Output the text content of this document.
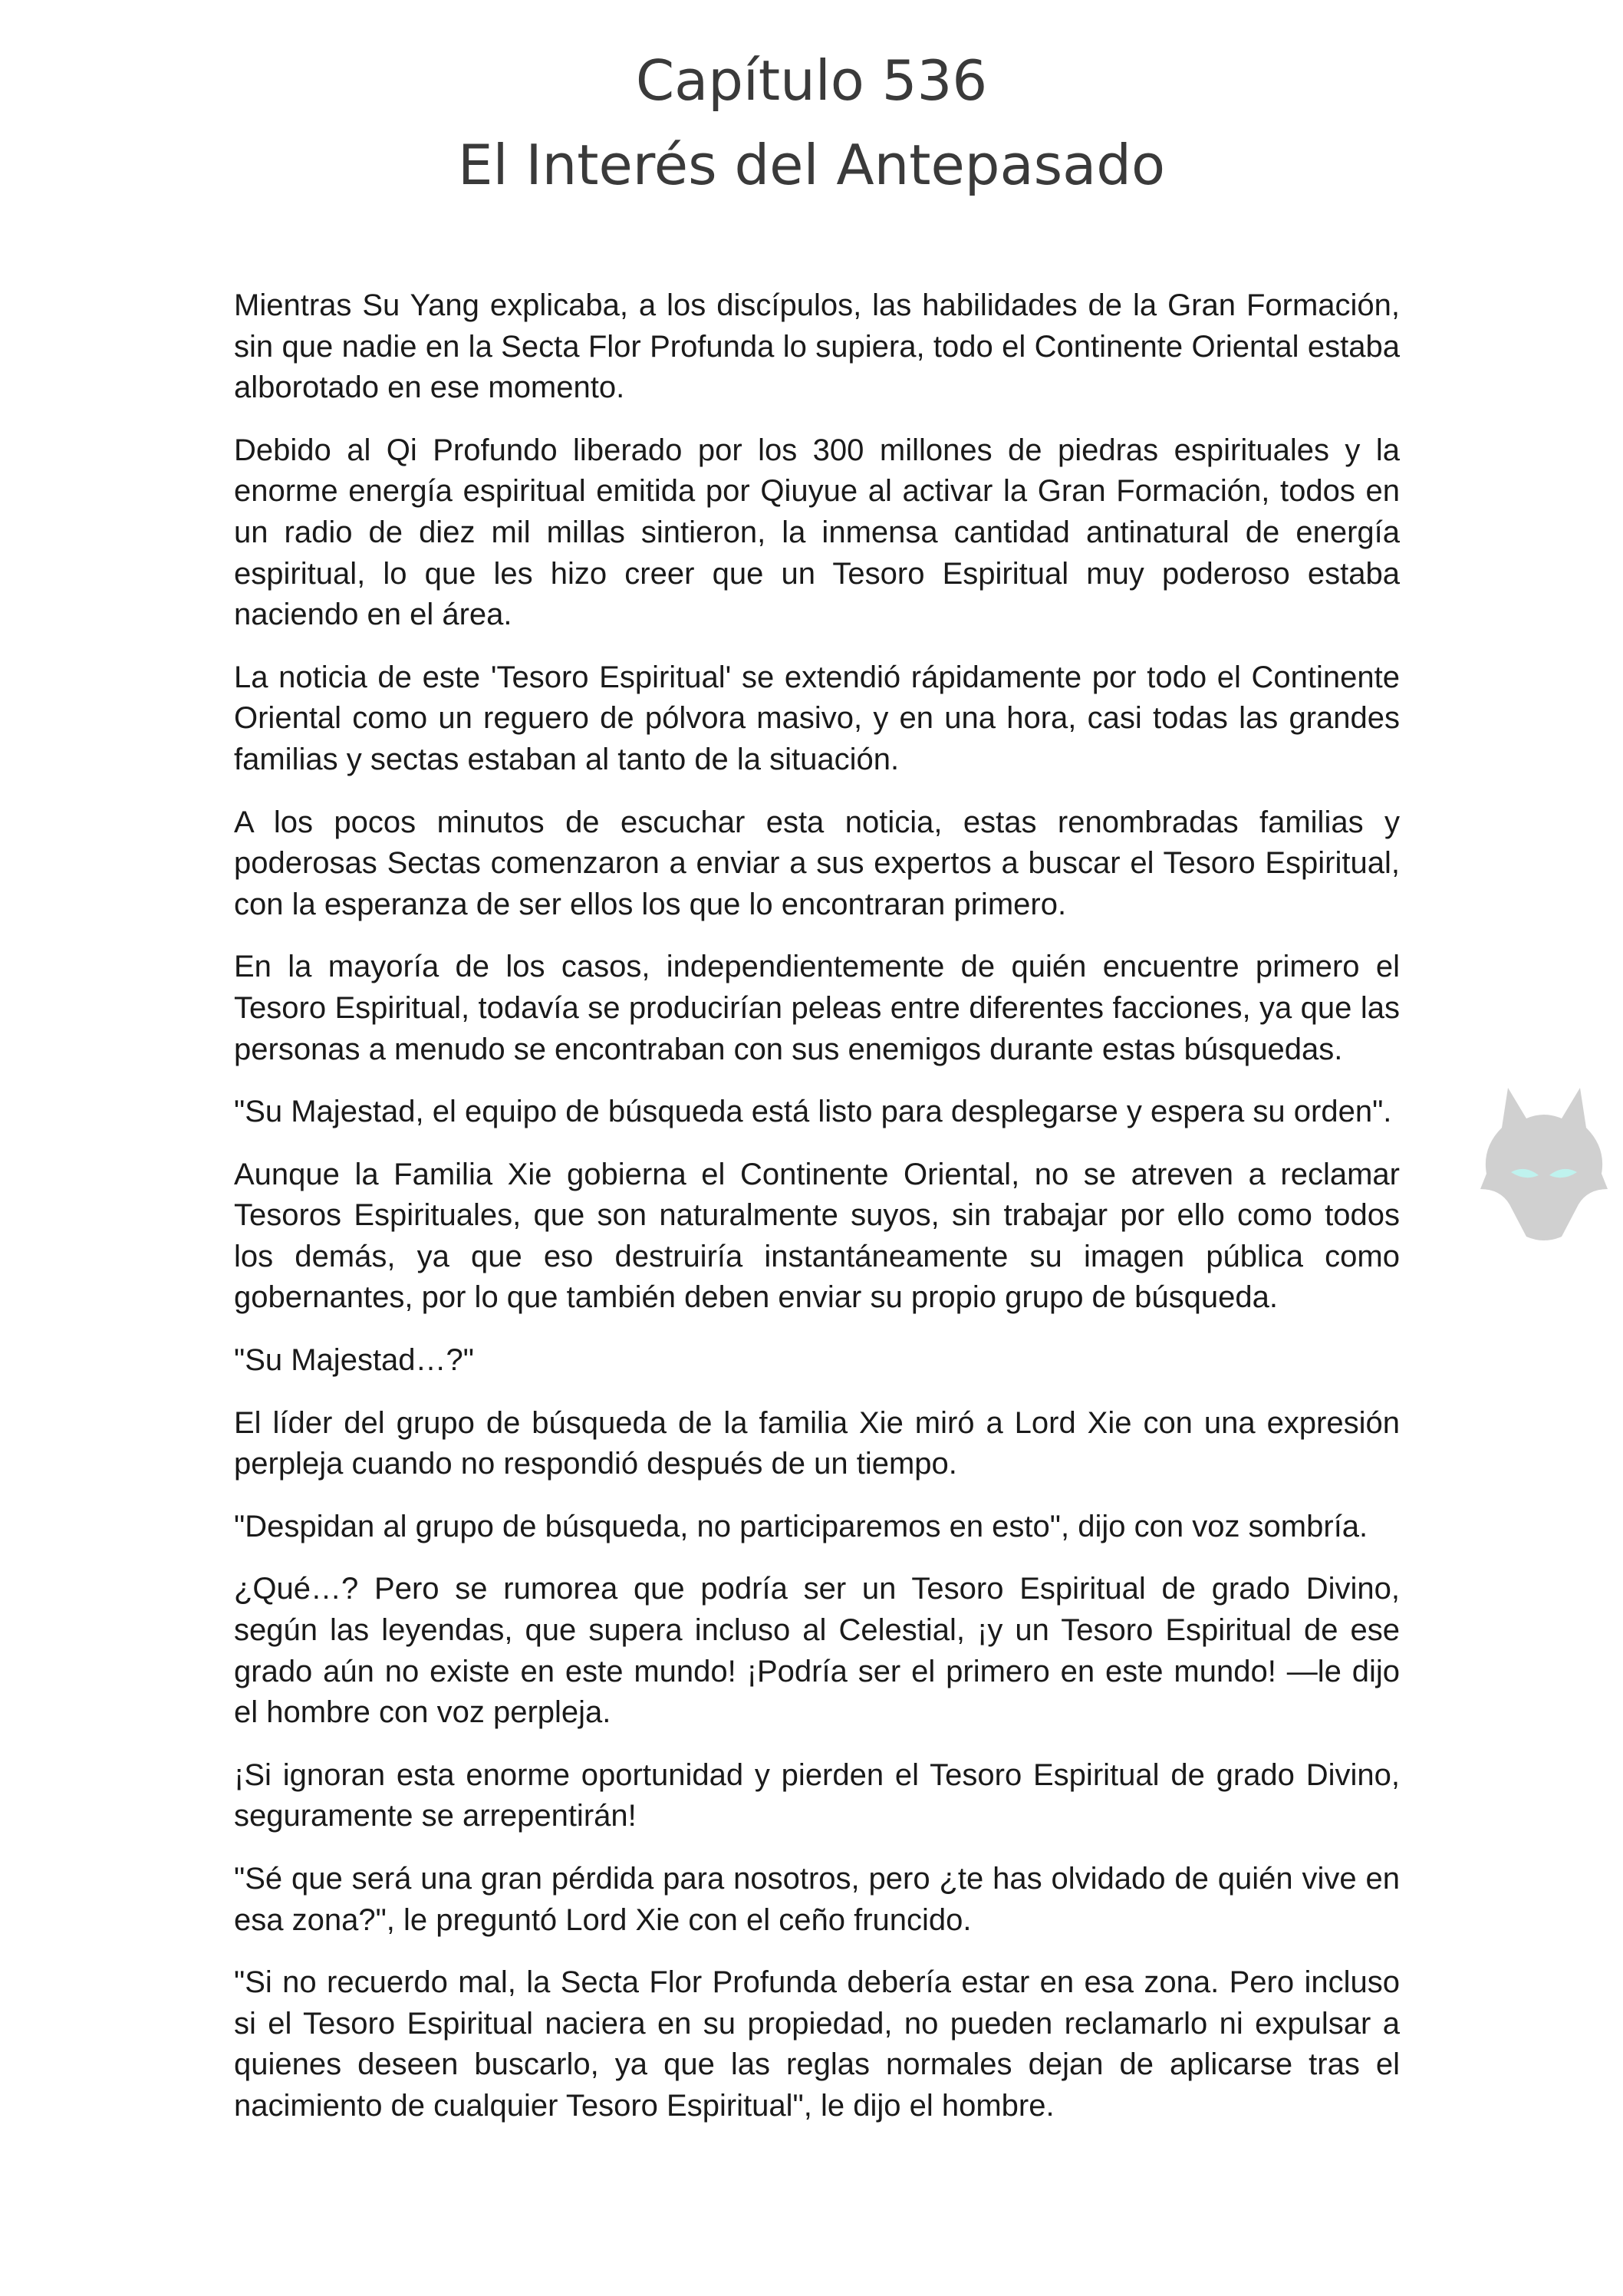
Capítulo 536
El Interés del Antepasado

Mientras Su Yang explicaba, a los discípulos, las habilidades de la Gran Formación, sin que nadie en la Secta Flor Profunda lo supiera, todo el Continente Oriental estaba alborotado en ese momento.

Debido al Qi Profundo liberado por los 300 millones de piedras espirituales y la enorme energía espiritual emitida por Qiuyue al activar la Gran Formación, todos en un radio de diez mil millas sintieron, la inmensa cantidad antinatural de energía espiritual, lo que les hizo creer que un Tesoro Espiritual muy poderoso estaba naciendo en el área.

La noticia de este 'Tesoro Espiritual' se extendió rápidamente por todo el Continente Oriental como un reguero de pólvora masivo, y en una hora, casi todas las grandes familias y sectas estaban al tanto de la situación.

A los pocos minutos de escuchar esta noticia, estas renombradas familias y poderosas Sectas comenzaron a enviar a sus expertos a buscar el Tesoro Espiritual, con la esperanza de ser ellos los que lo encontraran primero.

En la mayoría de los casos, independientemente de quién encuentre primero el Tesoro Espiritual, todavía se producirían peleas entre diferentes facciones, ya que las personas a menudo se encontraban con sus enemigos durante estas búsquedas.

"Su Majestad, el equipo de búsqueda está listo para desplegarse y espera su orden".

Aunque la Familia Xie gobierna el Continente Oriental, no se atreven a reclamar Tesoros Espirituales, que son naturalmente suyos, sin trabajar por ello como todos los demás, ya que eso destruiría instantáneamente su imagen pública como gobernantes, por lo que también deben enviar su propio grupo de búsqueda.

"Su Majestad…?"

El líder del grupo de búsqueda de la familia Xie miró a Lord Xie con una expresión perpleja cuando no respondió después de un tiempo.

"Despidan al grupo de búsqueda, no participaremos en esto", dijo con voz sombría.

¿Qué…? Pero se rumorea que podría ser un Tesoro Espiritual de grado Divino, según las leyendas, que supera incluso al Celestial, ¡y un Tesoro Espiritual de ese grado aún no existe en este mundo! ¡Podría ser el primero en este mundo! —le dijo el hombre con voz perpleja.

¡Si ignoran esta enorme oportunidad y pierden el Tesoro Espiritual de grado Divino, seguramente se arrepentirán!

"Sé que será una gran pérdida para nosotros, pero ¿te has olvidado de quién vive en esa zona?", le preguntó Lord Xie con el ceño fruncido.

"Si no recuerdo mal, la Secta Flor Profunda debería estar en esa zona. Pero incluso si el Tesoro Espiritual naciera en su propiedad, no pueden reclamarlo ni expulsar a quienes deseen buscarlo, ya que las reglas normales dejan de aplicarse tras el nacimiento de cualquier Tesoro Espiritual", le dijo el hombre.
